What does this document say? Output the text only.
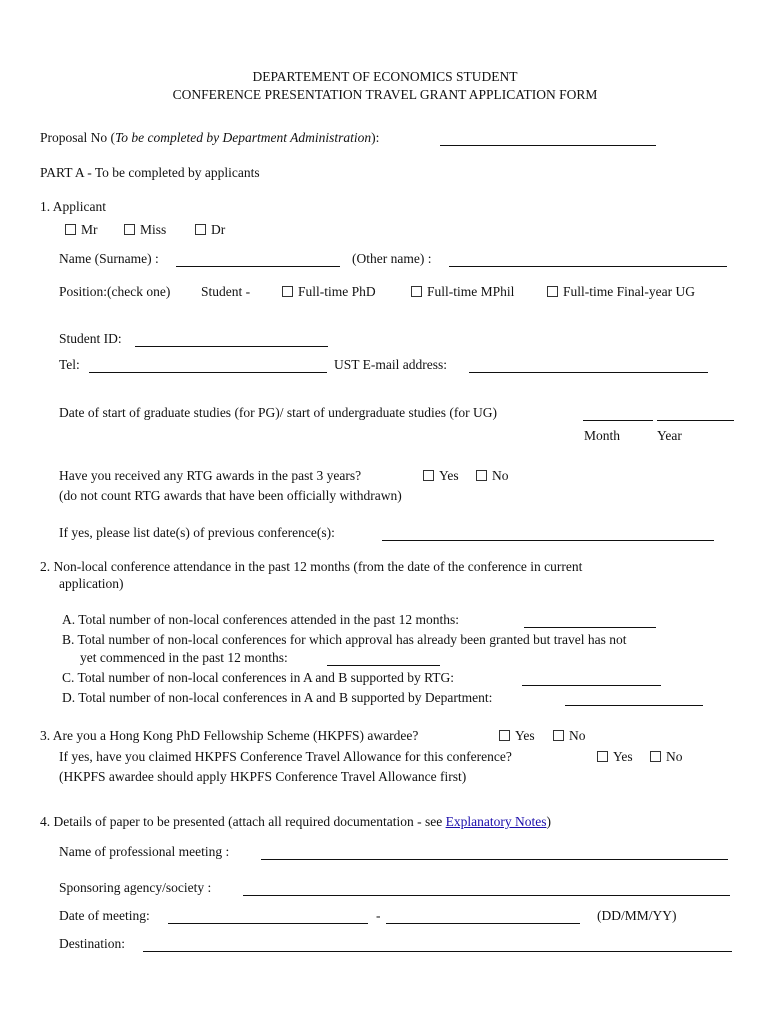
DEPARTEMENT OF ECONOMICS STUDENT
CONFERENCE PRESENTATION TRAVEL GRANT APPLICATION FORM
Proposal No (To be completed by Department Administration):
PART A - To be completed by applicants
1. Applicant
Mr	Miss	Dr
Name (Surname) :	(Other name) :
Position:(check one) Student -	Full-time PhD	Full-time MPhil	Full-time Final-year UG
Student ID:
Tel:	UST E-mail address:
Date of start of graduate studies (for PG)/ start of undergraduate studies (for UG)
Month	Year
Have you received any RTG awards in the past 3 years?	Yes	No
(do not count RTG awards that have been officially withdrawn)
If yes, please list date(s) of previous conference(s):
2. Non-local conference attendance in the past 12 months (from the date of the conference in current
application)
A. Total number of non-local conferences attended in the past 12 months:
B. Total number of non-local conferences for which approval has already been granted but travel has not
yet commenced in the past 12 months:
C. Total number of non-local conferences in A and B supported by RTG:
D. Total number of non-local conferences in A and B supported by Department:
3. Are you a Hong Kong PhD Fellowship Scheme (HKPFS) awardee?	Yes	No
If yes, have you claimed HKPFS Conference Travel Allowance for this conference?	Yes	No
(HKPFS awardee should apply HKPFS Conference Travel Allowance first)
4. Details of paper to be presented (attach all required documentation - see Explanatory Notes)
Name of professional meeting :
Sponsoring agency/society :
Date of meeting:	-	(DD/MM/YY)
Destination:
